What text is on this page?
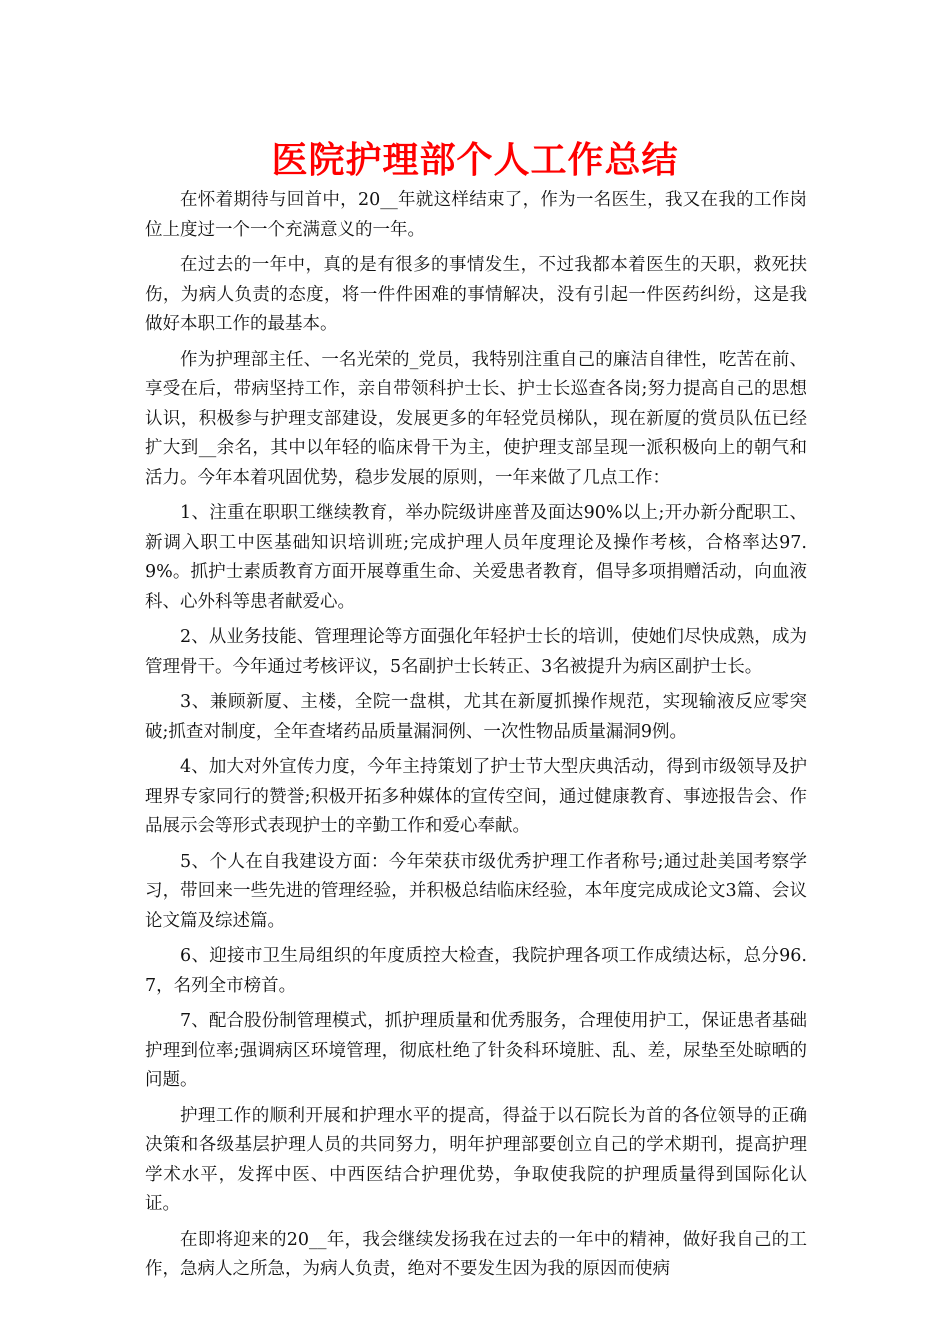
医院护理部个人工作总结

在怀着期待与回首中，20__年就这样结束了，作为一名医生，我又在我的工作岗位上度过一个一个充满意义的一年。

在过去的一年中，真的是有很多的事情发生，不过我都本着医生的天职，救死扶伤，为病人负责的态度，将一件件困难的事情解决，没有引起一件医药纠纷，这是我做好本职工作的最基本。

作为护理部主任、一名光荣的_党员，我特别注重自己的廉洁自律性，吃苦在前、享受在后，带病坚持工作，亲自带领科护士长、护士长巡查各岗;努力提高自己的思想认识，积极参与护理支部建设，发展更多的年轻党员梯队，现在新厦的赏员队伍已经扩大到__余名，其中以年轻的临床骨干为主，使护理支部呈现一派积极向上的朝气和活力。今年本着巩固优势，稳步发展的原则，一年来做了几点工作：

1、注重在职职工继续教育，举办院级讲座普及面达90%以上;开办新分配职工、新调入职工中医基础知识培训班;完成护理人员年度理论及操作考核，合格率达97.9%。抓护士素质教育方面开展尊重生命、关爱患者教育，倡导多项捐赠活动，向血液科、心外科等患者献爱心。

2、从业务技能、管理理论等方面强化年轻护士长的培训，使她们尽快成熟，成为管理骨干。今年通过考核评议，5名副护士长转正、3名被提升为病区副护士长。

3、兼顾新厦、主楼，全院一盘棋，尤其在新厦抓操作规范，实现输液反应零突破;抓查对制度，全年查堵药品质量漏洞例、一次性物品质量漏洞9例。

4、加大对外宣传力度，今年主持策划了护士节大型庆典活动，得到市级领导及护理界专家同行的赞誉;积极开拓多种媒体的宣传空间，通过健康教育、事迹报告会、作品展示会等形式表现护士的辛勤工作和爱心奉献。

5、个人在自我建设方面：今年荣获市级优秀护理工作者称号;通过赴美国考察学习，带回来一些先进的管理经验，并积极总结临床经验，本年度完成成论文3篇、会议论文篇及综述篇。

6、迎接市卫生局组织的年度质控大检查，我院护理各项工作成绩达标，总分96.7，名列全市榜首。

7、配合股份制管理模式，抓护理质量和优秀服务，合理使用护工，保证患者基础护理到位率;强调病区环境管理，彻底杜绝了针灸科环境脏、乱、差，尿垫至处晾晒的问题。

护理工作的顺利开展和护理水平的提高，得益于以石院长为首的各位领导的正确决策和各级基层护理人员的共同努力，明年护理部要创立自己的学术期刊，提高护理学术水平，发挥中医、中西医结合护理优势，争取使我院的护理质量得到国际化认证。

在即将迎来的20__年，我会继续发扬我在过去的一年中的精神，做好我自己的工作，急病人之所急，为病人负责，绝对不要发生因为我的原因而使病
